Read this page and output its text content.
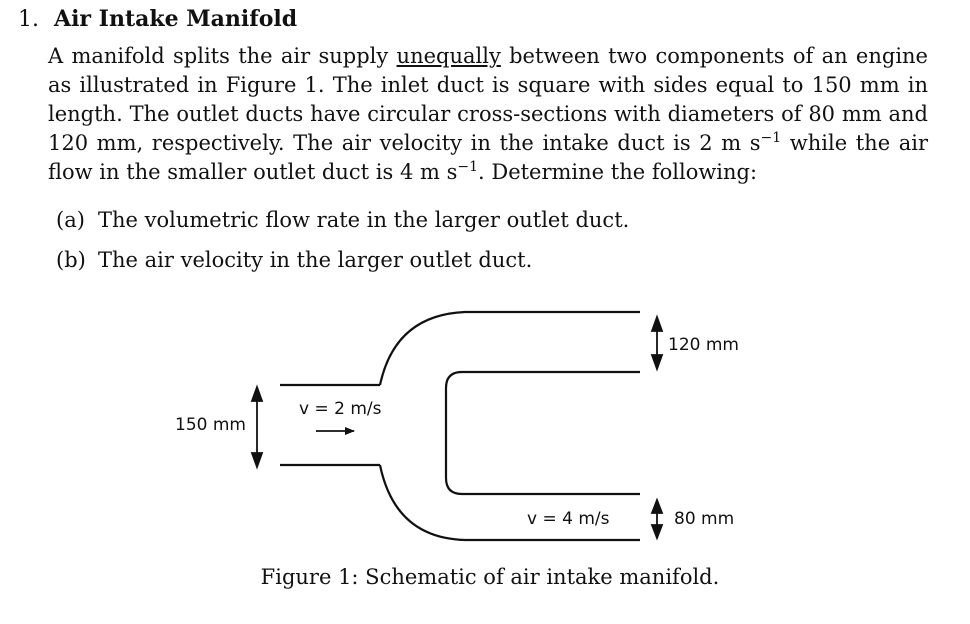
1. Air Intake Manifold

A manifold splits the air supply unequally between two components of an engine as illustrated in Figure 1. The inlet duct is square with sides equal to 150 mm in length. The outlet ducts have circular cross-sections with diameters of 80 mm and 120 mm, respectively. The air velocity in the intake duct is 2 m $s^{-1}$ while the air flow in the smaller outlet duct is 4 m $s^{-1}$. Determine the following:

(a) The volumetric flow rate in the larger outlet duct.
(b) The air velocity in the larger outlet duct.
150 mm
v = 2 m/s
120 mm
v = 4 m/s	80 mm
Figure 1: Schematic of air intake manifold.
